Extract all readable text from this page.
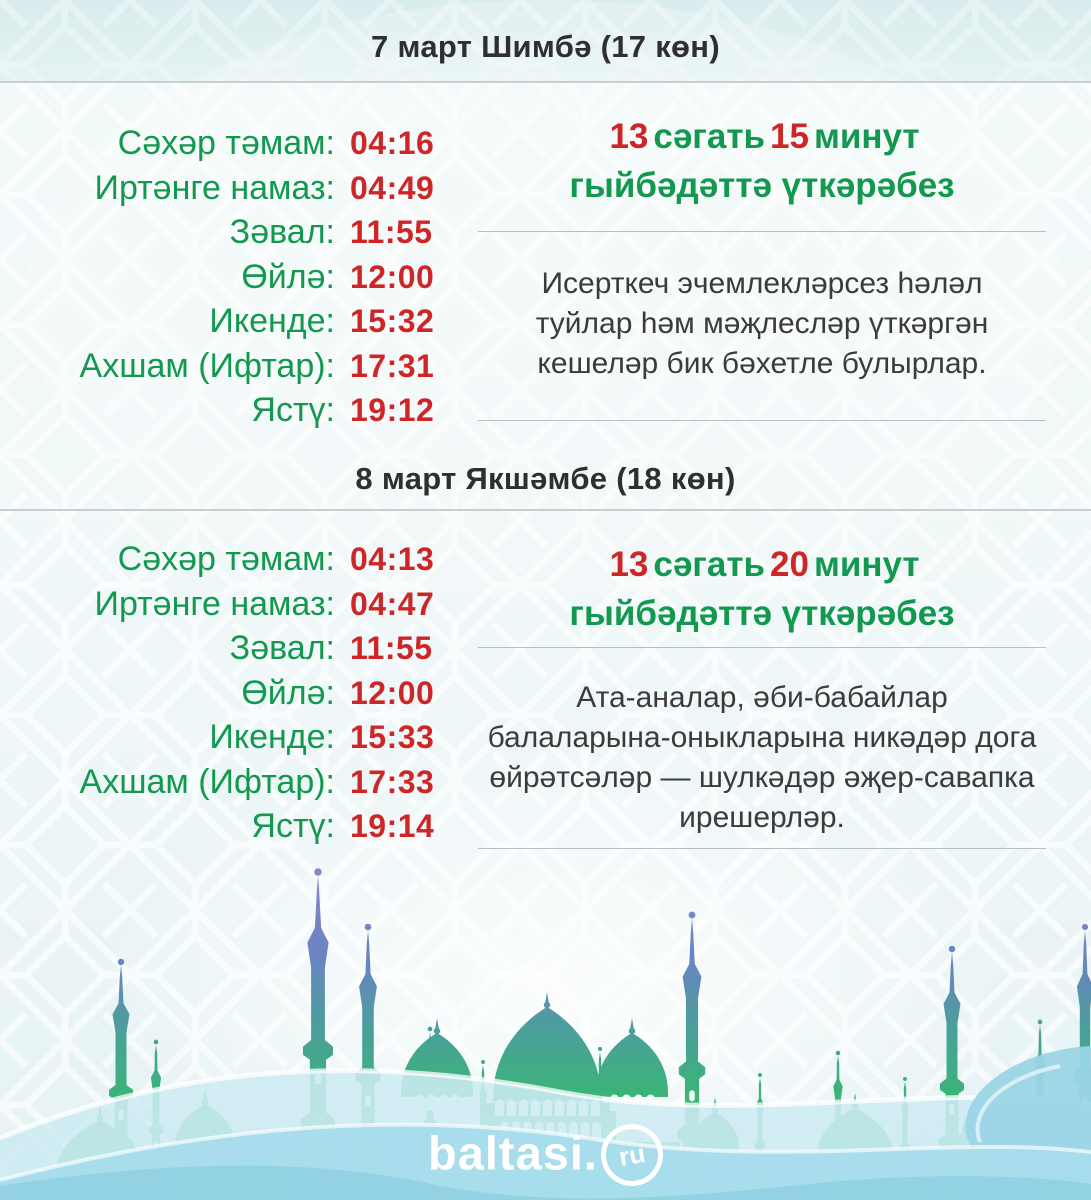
7 март Шимбә (17 көн)
Сәхәр тәмам: 04:16
Иртәнге намаз: 04:49
Зәвал: 11:55
Өйлә: 12:00
Икенде: 15:32
Ахшам (Ифтар): 17:31
Ястү: 19:12
13 сәгать 15 минут
гыйбәдәттә үткәрәбез
Исерткеч эчемлекләрсез һәләл
туйлар һәм мәҗлесләр үткәргән
кешеләр бик бәхетле булырлар.
8 март Якшәмбе (18 көн)
Сәхәр тәмам: 04:13
Иртәнге намаз: 04:47
Зәвал: 11:55
Өйлә: 12:00
Икенде: 15:33
Ахшам (Ифтар): 17:33
Ястү: 19:14
13 сәгать 20 минут
гыйбәдәттә үткәрәбез
Ата-аналар, әби-бабайлар
балаларына-оныкларына никәдәр дога
өйрәтсәләр — шулкәдәр әҗер-савапка
ирешерләр.
baltasi. ru
